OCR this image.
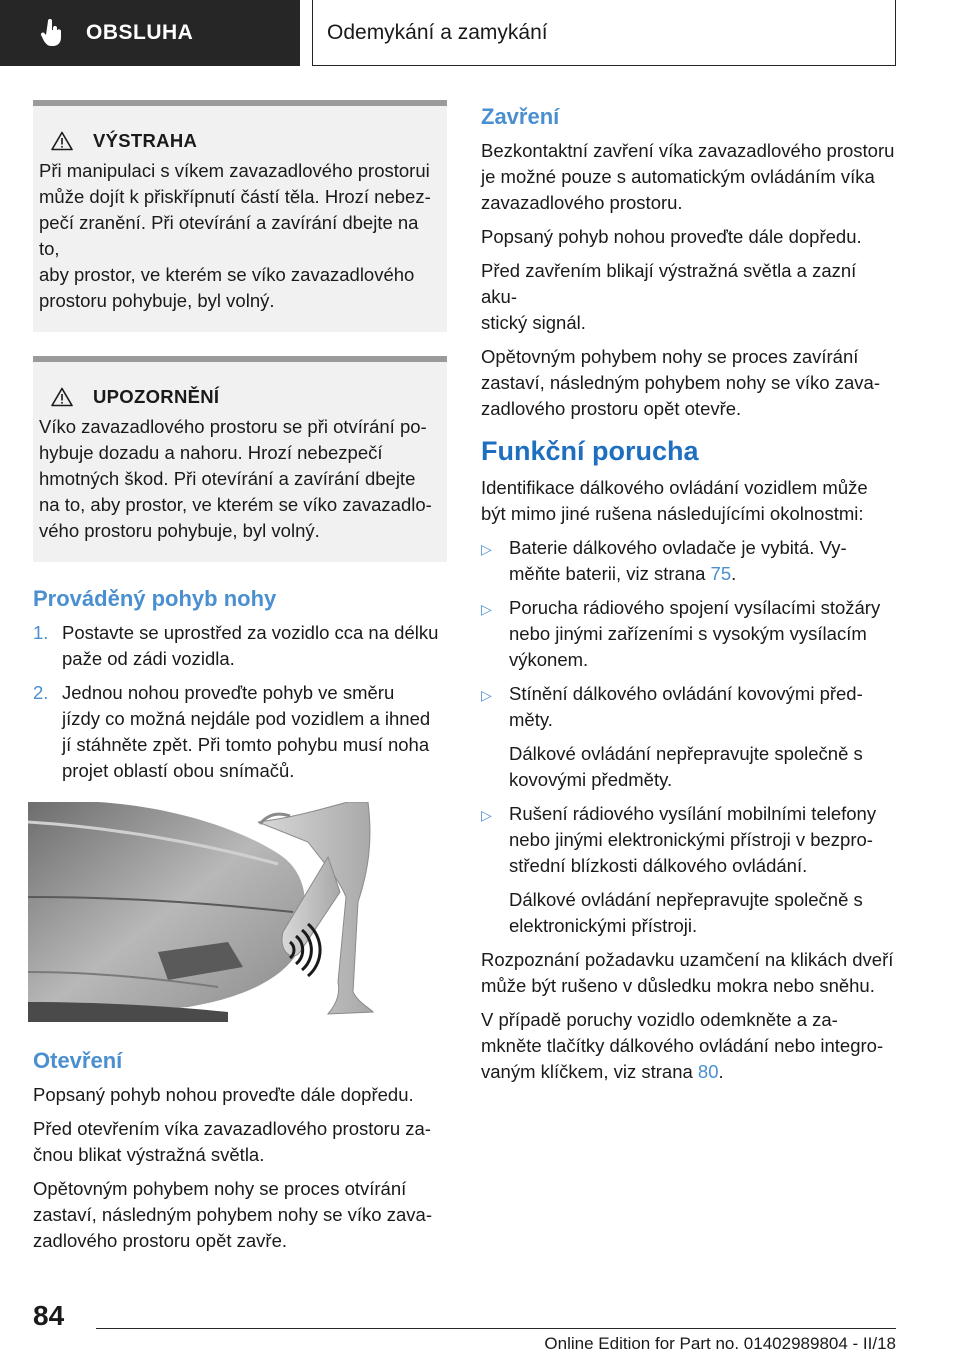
OBSLUHA	Odemykání a zamykání
VÝSTRAHA

Při manipulaci s víkem zavazadlového prostorui
může dojít k přiskřípnutí částí těla. Hrozí nebez-
pečí zranění. Při otevírání a zavírání dbejte na to,
aby prostor, ve kterém se víko zavazadlového
prostoru pohybuje, byl volný.

UPOZORNĚNÍ

Víko zavazadlového prostoru se při otvírání po-
hybuje dozadu a nahoru. Hrozí nebezpečí
hmotných škod. Při otevírání a zavírání dbejte
na to, aby prostor, ve kterém se víko zavazadlo-
vého prostoru pohybuje, byl volný.

Prováděný pohyb nohy
1. Postavte se uprostřed za vozidlo cca na délku
paže od zádi vozidla.
2. Jednou nohou proveďte pohyb ve směru
jízdy co možná nejdále pod vozidlem a ihned
jí stáhněte zpět. Při tomto pohybu musí noha
projet oblastí obou snímačů.
Otevření

Popsaný pohyb nohou proveďte dále dopředu.

Před otevřením víka zavazadlového prostoru za-
čnou blikat výstražná světla.

Opětovným pohybem nohy se proces otvírání
zastaví, následným pohybem nohy se víko zava-
zadlového prostoru opět zavře.

Zavření

Bezkontaktní zavření víka zavazadlového prostoru
je možné pouze s automatickým ovládáním víka
zavazadlového prostoru.

Popsaný pohyb nohou proveďte dále dopředu.

Před zavřením blikají výstražná světla a zazní aku-
stický signál.

Opětovným pohybem nohy se proces zavírání
zastaví, následným pohybem nohy se víko zava-
zadlového prostoru opět otevře.

Funkční porucha

Identifikace dálkového ovládání vozidlem může
být mimo jiné rušena následujícími okolnostmi:

▷ Baterie dálkového ovladače je vybitá. Vy-
měňte baterii, viz strana 75.
▷ Porucha rádiového spojení vysílacími stožáry
nebo jinými zařízeními s vysokým vysílacím
výkonem.
▷ Stínění dálkového ovládání kovovými před-
měty.

Dálkové ovládání nepřepravujte společně s
kovovými předměty.

▷ Rušení rádiového vysílání mobilními telefony
nebo jinými elektronickými přístroji v bezpro-
střední blízkosti dálkového ovládání.

Dálkové ovládání nepřepravujte společně s
elektronickými přístroji.

Rozpoznání požadavku uzamčení na klikách dveří
může být rušeno v důsledku mokra nebo sněhu.

V případě poruchy vozidlo odemkněte a za-
mkněte tlačítky dálkového ovládání nebo integro-
vaným klíčkem, viz strana 80.

84
Online Edition for Part no. 01402989804 - II/18
